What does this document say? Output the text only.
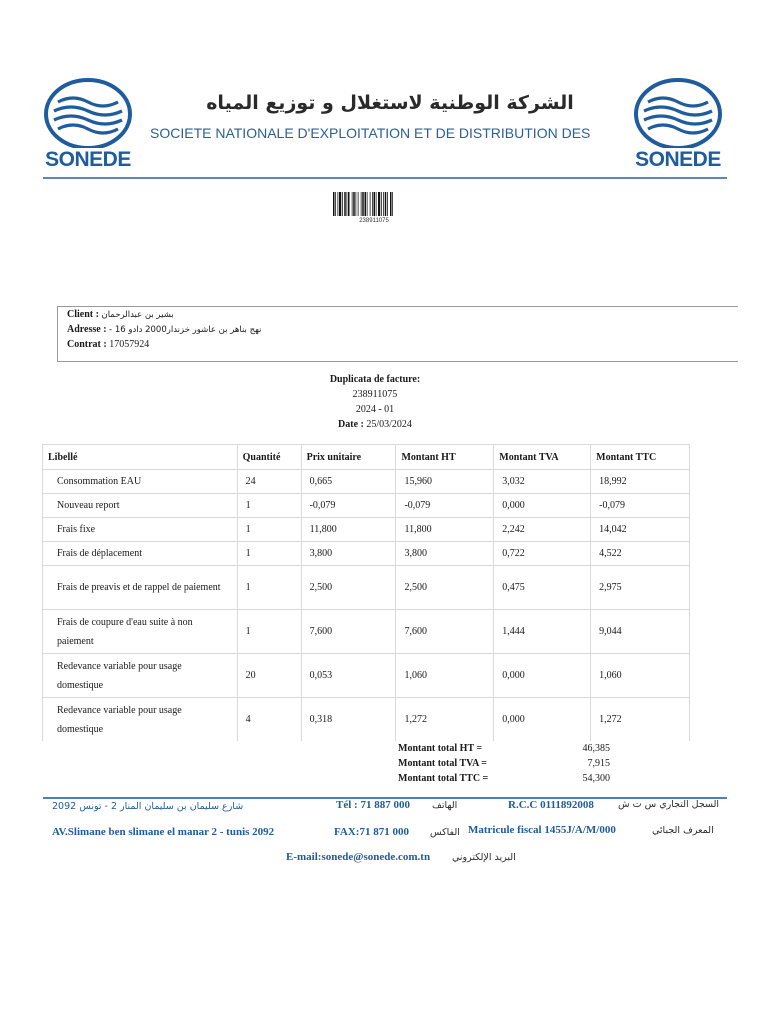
SONEDE	SONEDE
الشركة الوطنية لاستغلال و توزيع المياه
SOCIETE NATIONALE D'EXPLOITATION ET DE DISTRIBUTION DES
238911075
Client : بشير بن عبدالرحمان
Adresse : نهج بناهر بن عاشور خزندار2000 دادو 16 -
Contrat : 17057924
Duplicata de facture:
238911075
2024 - 01
Date : 25/03/2024
Libellé	Quantité	Prix unitaire	Montant HT	Montant TVA	Montant TTC
Consommation EAU	24	0,665	15,960	3,032	18,992
Nouveau report	1	-0,079	-0,079	0,000	-0,079
Frais fixe	1	11,800	11,800	2,242	14,042
Frais de déplacement	1	3,800	3,800	0,722	4,522
Frais de preavis et de rappel de paiement	1	2,500	2,500	0,475	2,975
Frais de coupure d'eau suite à non paiement	1	7,600	7,600	1,444	9,044
Redevance variable pour usage domestique	20	0,053	1,060	0,000	1,060
Redevance variable pour usage domestique	4	0,318	1,272	0,000	1,272
Montant total HT =	46,385
Montant total TVA =	7,915
Montant total TTC =	54,300
شارع سليمان بن سليمان المنار 2 - تونس 2092
AV.Slimane ben slimane el manar 2 - tunis 2092
Tél : 71 887 000 الهاتف
FAX:71 871 000 الفاكس
R.C.C 0111892008	السجل التجاري س ت ش
Matricule fiscal 1455J/A/M/000	المعرف الجبائي
E-mail:sonede@sonede.com.tn البريد الإلكتروني
